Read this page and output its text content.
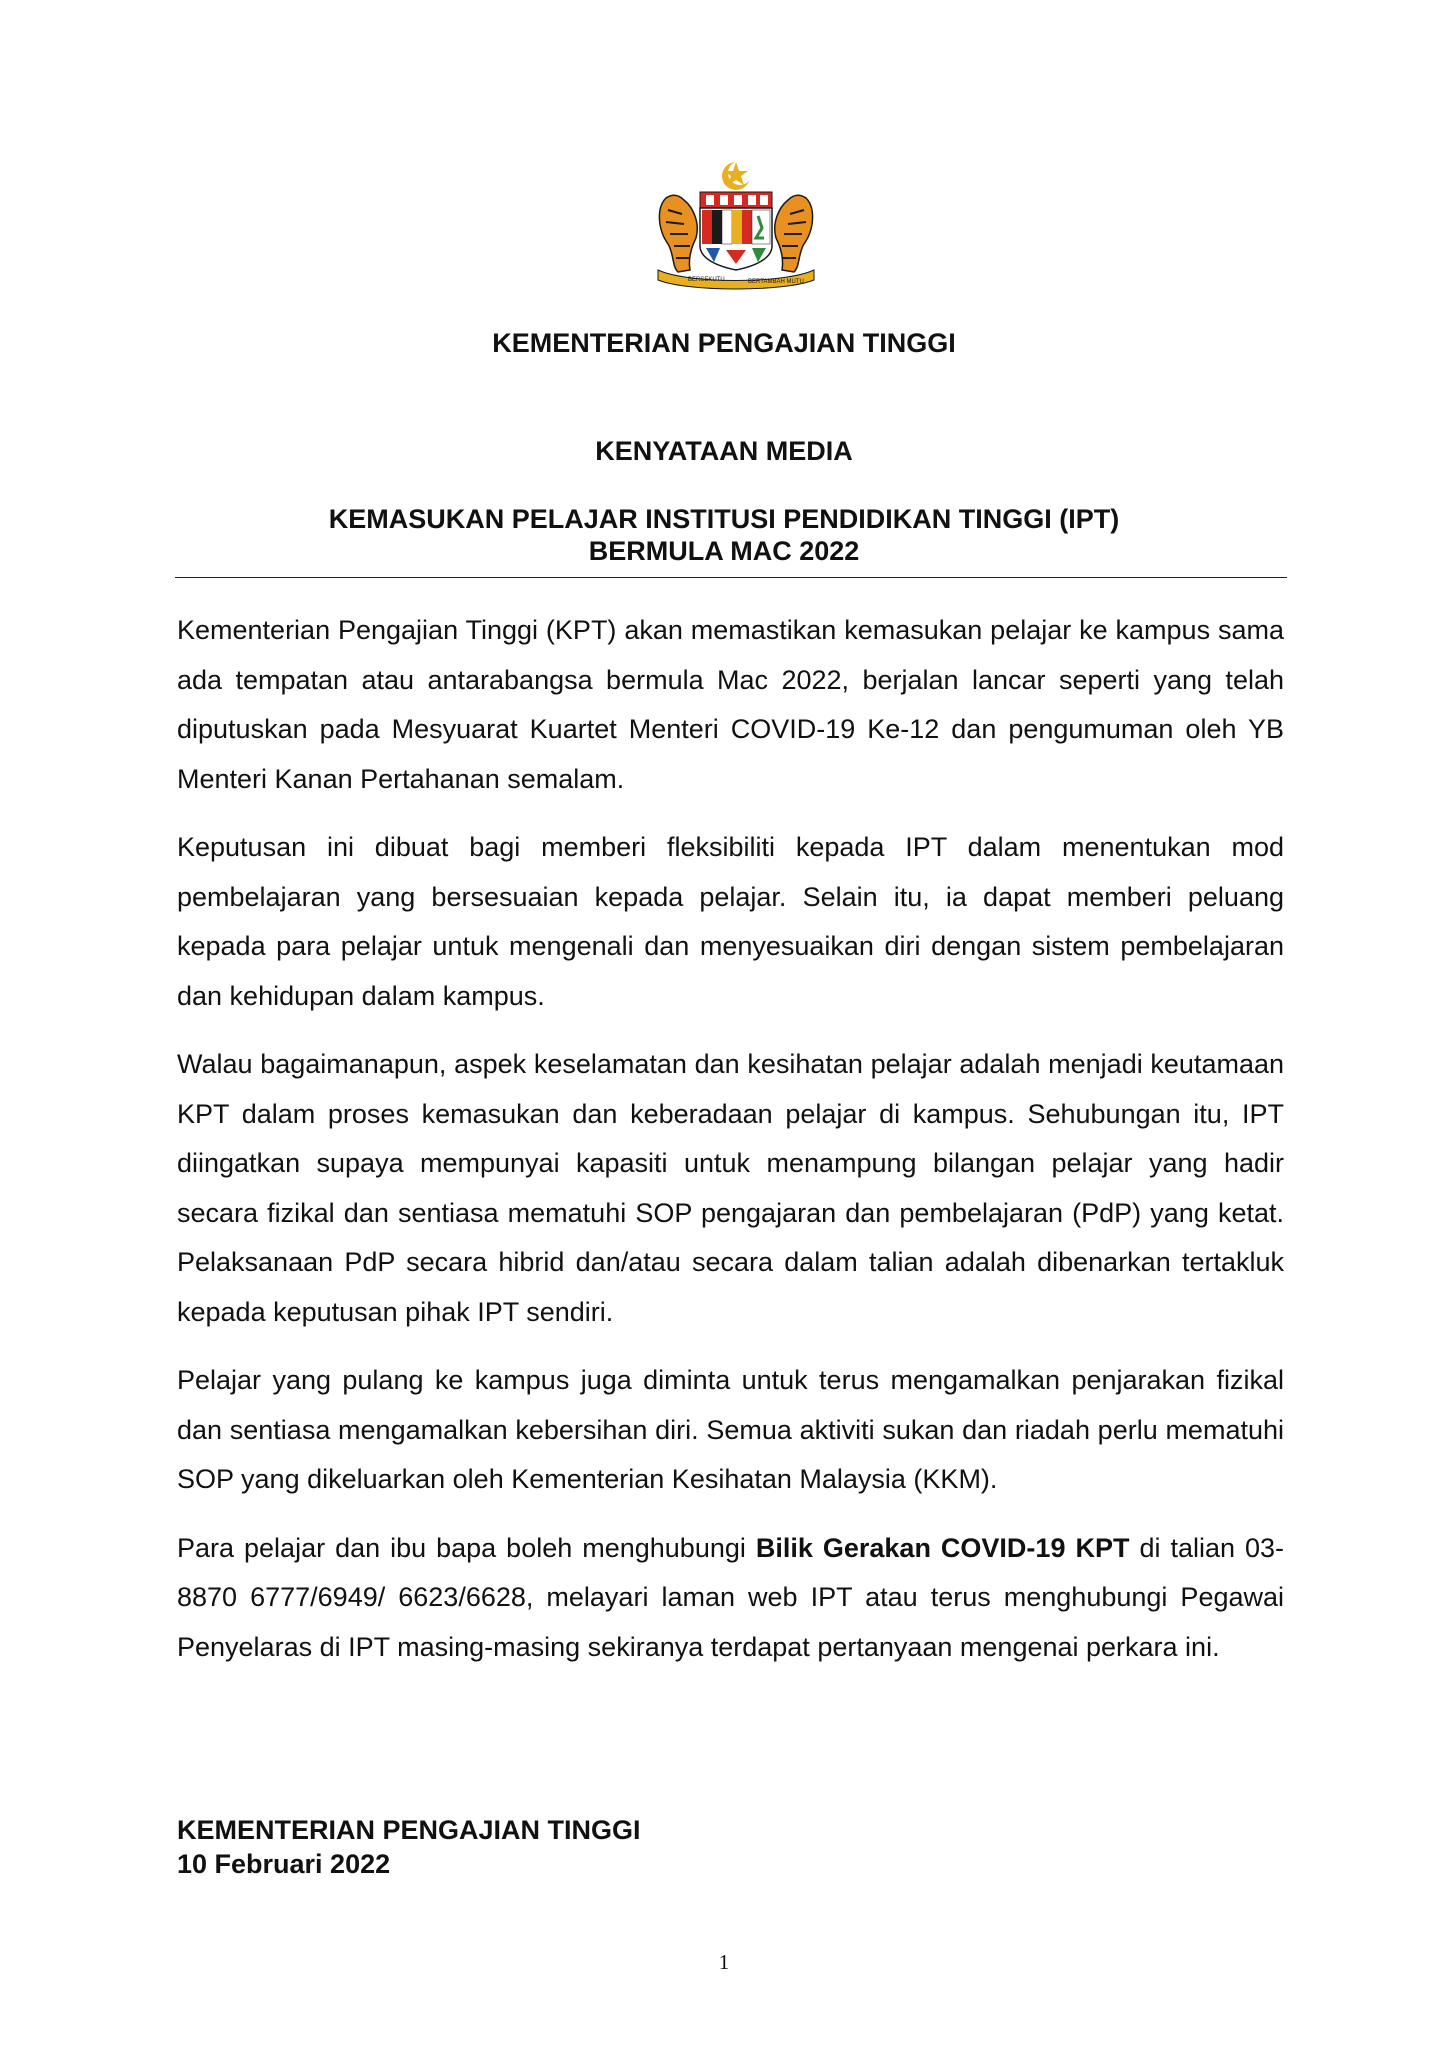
BERSEKUTU	BERTAMBAH MUTU
KEMENTERIAN PENGAJIAN TINGGI
KENYATAAN MEDIA
KEMASUKAN PELAJAR INSTITUSI PENDIDIKAN TINGGI (IPT)
BERMULA MAC 2022

Kementerian Pengajian Tinggi (KPT) akan memastikan kemasukan pelajar ke kampus sama ada tempatan atau antarabangsa bermula Mac 2022, berjalan lancar seperti yang telah diputuskan pada Mesyuarat Kuartet Menteri COVID-19 Ke-12 dan pengumuman oleh YB Menteri Kanan Pertahanan semalam.

Keputusan ini dibuat bagi memberi fleksibiliti kepada IPT dalam menentukan mod pembelajaran yang bersesuaian kepada pelajar. Selain itu, ia dapat memberi peluang kepada para pelajar untuk mengenali dan menyesuaikan diri dengan sistem pembelajaran dan kehidupan dalam kampus.

Walau bagaimanapun, aspek keselamatan dan kesihatan pelajar adalah menjadi keutamaan KPT dalam proses kemasukan dan keberadaan pelajar di kampus. Sehubungan itu, IPT diingatkan supaya mempunyai kapasiti untuk menampung bilangan pelajar yang hadir secara fizikal dan sentiasa mematuhi SOP pengajaran dan pembelajaran (PdP) yang ketat. Pelaksanaan PdP secara hibrid dan/atau secara dalam talian adalah dibenarkan tertakluk kepada keputusan pihak IPT sendiri.

Pelajar yang pulang ke kampus juga diminta untuk terus mengamalkan penjarakan fizikal dan sentiasa mengamalkan kebersihan diri. Semua aktiviti sukan dan riadah perlu mematuhi SOP yang dikeluarkan oleh Kementerian Kesihatan Malaysia (KKM).

Para pelajar dan ibu bapa boleh menghubungi Bilik Gerakan COVID-19 KPT di talian 03-8870 6777/6949/ 6623/6628, melayari laman web IPT atau terus menghubungi Pegawai Penyelaras di IPT masing-masing sekiranya terdapat pertanyaan mengenai perkara ini.

KEMENTERIAN PENGAJIAN TINGGI
10 Februari 2022
1
